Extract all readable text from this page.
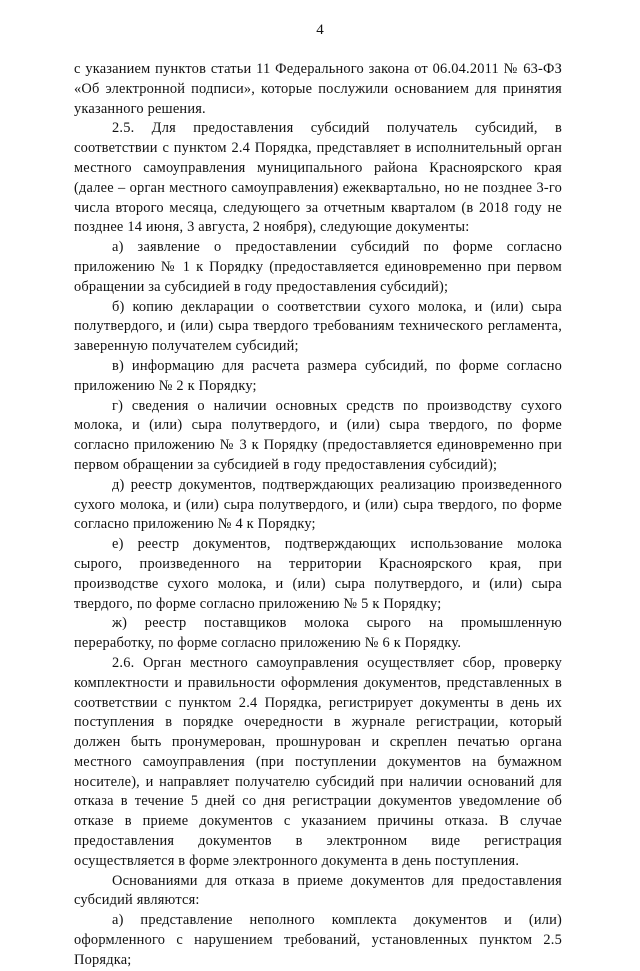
4

с указанием пунктов статьи 11 Федерального закона от 06.04.2011 № 63-ФЗ «Об электронной подписи», которые послужили основанием для принятия указанного решения.

2.5. Для предоставления субсидий получатель субсидий, в соответствии с пунктом 2.4 Порядка, представляет в исполнительный орган местного самоуправления муниципального района Красноярского края (далее – орган местного самоуправления) ежеквартально, но не позднее 3-го числа второго месяца, следующего за отчетным кварталом (в 2018 году не позднее 14 июня, 3 августа, 2 ноября), следующие документы:

а) заявление о предоставлении субсидий по форме согласно приложению № 1 к Порядку (предоставляется единовременно при первом обращении за субсидией в году предоставления субсидий);

б) копию декларации о соответствии сухого молока, и (или) сыра полутвердого, и (или) сыра твердого требованиям технического регламента, заверенную получателем субсидий;

в) информацию для расчета размера субсидий, по форме согласно приложению № 2 к Порядку;

г) сведения о наличии основных средств по производству сухого молока, и (или) сыра полутвердого, и (или) сыра твердого, по форме согласно приложению № 3 к Порядку (предоставляется единовременно при первом обращении за субсидией в году предоставления субсидий);

д) реестр документов, подтверждающих реализацию произведенного сухого молока, и (или) сыра полутвердого, и (или) сыра твердого, по форме согласно приложению № 4 к Порядку;

е) реестр документов, подтверждающих использование молока сырого, произведенного на территории Красноярского края, при производстве сухого молока, и (или) сыра полутвердого, и (или) сыра твердого, по форме согласно приложению № 5 к Порядку;

ж) реестр поставщиков молока сырого на промышленную переработку, по форме согласно приложению № 6 к Порядку.

2.6. Орган местного самоуправления осуществляет сбор, проверку комплектности и правильности оформления документов, представленных в соответствии с пунктом 2.4 Порядка, регистрирует документы в день их поступления в порядке очередности в журнале регистрации, который должен быть пронумерован, прошнурован и скреплен печатью органа местного самоуправления (при поступлении документов на бумажном носителе), и направляет получателю субсидий при наличии оснований для отказа в течение 5 дней со дня регистрации документов уведомление об отказе в приеме документов с указанием причины отказа. В случае предоставления документов в электронном виде регистрация осуществляется в форме электронного документа в день поступления.

Основаниями для отказа в приеме документов для предоставления субсидий являются:

а) представление неполного комплекта документов и (или) оформленного с нарушением требований, установленных пунктом 2.5 Порядка;
